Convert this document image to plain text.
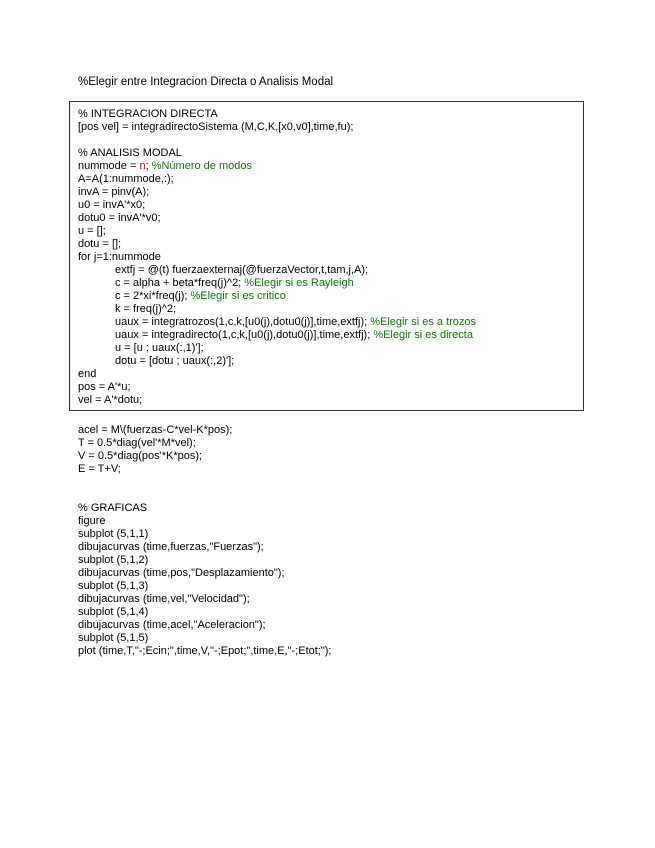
%Elegir entre Integracion Directa o Analisis Modal
% INTEGRACION DIRECTA
[pos vel] = integradirectoSistema (M,C,K,[x0,v0],time,fu);
% ANALISIS MODAL
nummode = n; %Número de modos
A=A(1:nummode,:);
invA = pinv(A);
u0 = invA'*x0;
dotu0 = invA'*v0;
u = [];
dotu = [];
for j=1:nummode
extfj = @(t) fuerzaexternaj(@fuerzaVector,t,tam,j,A);
c = alpha + beta*freq(j)^2; %Elegir si es Rayleigh
c = 2*xi*freq(j); %Elegir si es critico
k = freq(j)^2;
uaux = integratrozos(1,c,k,[u0(j),dotu0(j)],time,extfj); %Elegir si es a trozos
uaux = integradirecto(1,c,k,[u0(j),dotu0(j)],time,extfj); %Elegir si es directa
u = [u ; uaux(:,1)'];
dotu = [dotu ; uaux(:,2)'];
end
pos = A'*u;
vel = A'*dotu;
acel = M\(fuerzas-C*vel-K*pos);
T = 0.5*diag(vel'*M*vel);
V = 0.5*diag(pos'*K*pos);
E = T+V;
% GRAFICAS
figure
subplot (5,1,1)
dibujacurvas (time,fuerzas,"Fuerzas");
subplot (5,1,2)
dibujacurvas (time,pos,"Desplazamiento");
subplot (5,1,3)
dibujacurvas (time,vel,"Velocidad");
subplot (5,1,4)
dibujacurvas (time,acel,"Aceleracion");
subplot (5,1,5)
plot (time,T,"-;Ecin;",time,V,"-;Epot;",time,E,"-;Etot;");
